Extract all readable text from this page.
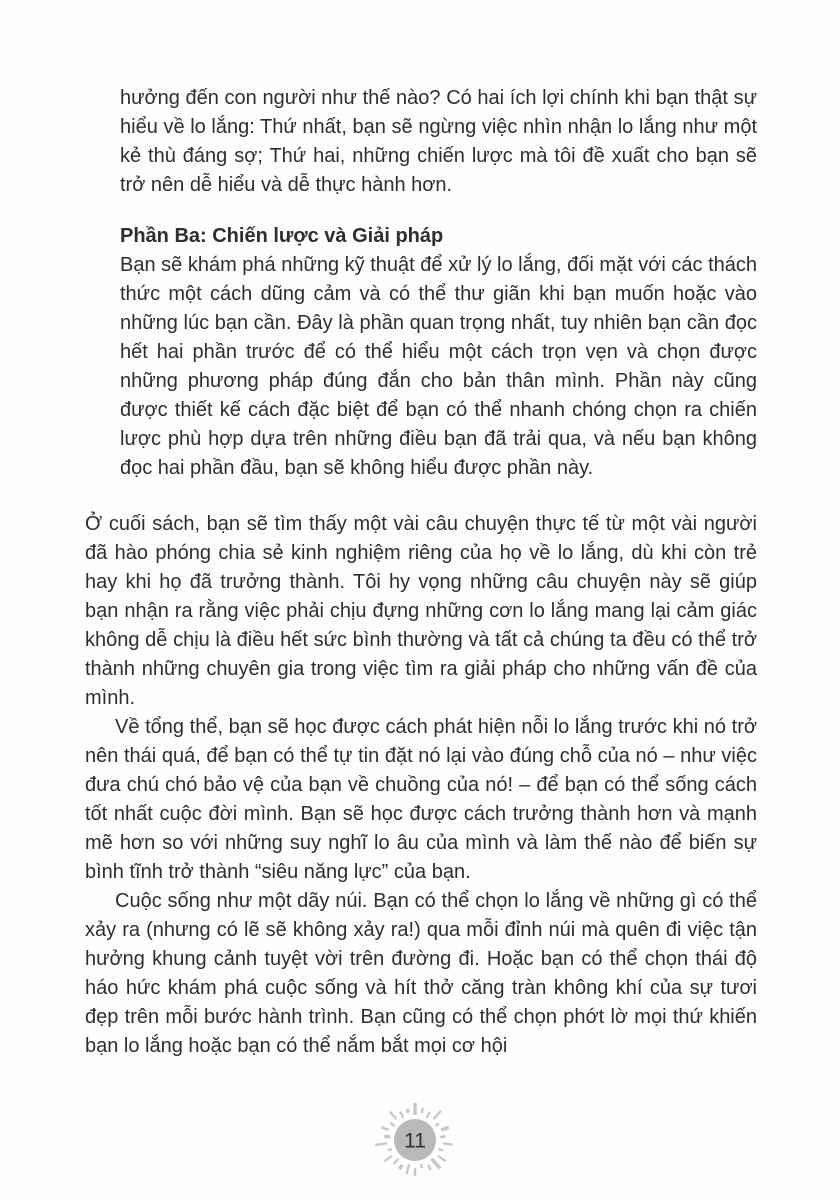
hưởng đến con người như thế nào? Có hai ích lợi chính khi bạn thật sự hiểu về lo lắng: Thứ nhất, bạn sẽ ngừng việc nhìn nhận lo lắng như một kẻ thù đáng sợ; Thứ hai, những chiến lược mà tôi đề xuất cho bạn sẽ trở nên dễ hiểu và dễ thực hành hơn.

Phần Ba: Chiến lược và Giải pháp

Bạn sẽ khám phá những kỹ thuật để xử lý lo lắng, đối mặt với các thách thức một cách dũng cảm và có thể thư giãn khi bạn muốn hoặc vào những lúc bạn cần. Đây là phần quan trọng nhất, tuy nhiên bạn cần đọc hết hai phần trước để có thể hiểu một cách trọn vẹn và chọn được những phương pháp đúng đắn cho bản thân mình. Phần này cũng được thiết kế cách đặc biệt để bạn có thể nhanh chóng chọn ra chiến lược phù hợp dựa trên những điều bạn đã trải qua, và nếu bạn không đọc hai phần đầu, bạn sẽ không hiểu được phần này.

Ở cuối sách, bạn sẽ tìm thấy một vài câu chuyện thực tế từ một vài người đã hào phóng chia sẻ kinh nghiệm riêng của họ về lo lắng, dù khi còn trẻ hay khi họ đã trưởng thành. Tôi hy vọng những câu chuyện này sẽ giúp bạn nhận ra rằng việc phải chịu đựng những cơn lo lắng mang lại cảm giác không dễ chịu là điều hết sức bình thường và tất cả chúng ta đều có thể trở thành những chuyên gia trong việc tìm ra giải pháp cho những vấn đề của mình.

Về tổng thể, bạn sẽ học được cách phát hiện nỗi lo lắng trước khi nó trở nên thái quá, để bạn có thể tự tin đặt nó lại vào đúng chỗ của nó – như việc đưa chú chó bảo vệ của bạn về chuồng của nó! – để bạn có thể sống cách tốt nhất cuộc đời mình. Bạn sẽ học được cách trưởng thành hơn và mạnh mẽ hơn so với những suy nghĩ lo âu của mình và làm thế nào để biến sự bình tĩnh trở thành “siêu năng lực” của bạn.

Cuộc sống như một dãy núi. Bạn có thể chọn lo lắng về những gì có thể xảy ra (nhưng có lẽ sẽ không xảy ra!) qua mỗi đỉnh núi mà quên đi việc tận hưởng khung cảnh tuyệt vời trên đường đi. Hoặc bạn có thể chọn thái độ háo hức khám phá cuộc sống và hít thở căng tràn không khí của sự tươi đẹp trên mỗi bước hành trình. Bạn cũng có thể chọn phớt lờ mọi thứ khiến bạn lo lắng hoặc bạn có thể nắm bắt mọi cơ hội

11
